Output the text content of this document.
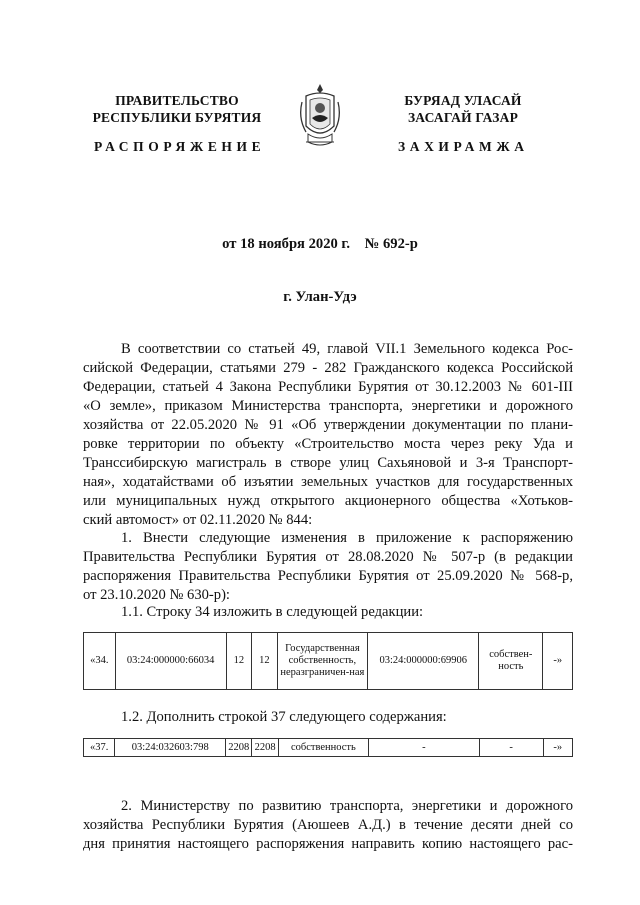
ПРАВИТЕЛЬСТВО
РЕСПУБЛИКИ БУРЯТИЯ
РАСПОРЯЖЕНИЕ
БУРЯАД УЛАСАЙ
ЗАСАГАЙ ГАЗАР
ЗАХИРАМЖА
от 18 ноября 2020 г.    № 692-р
г. Улан-Удэ
В соответствии со статьей 49, главой VII.1 Земельного кодекса Рос-
сийской Федерации, статьями 279 - 282 Гражданского кодекса Российской
Федерации, статьей 4 Закона Республики Бурятия от 30.12.2003 № 601-III
«О земле», приказом Министерства транспорта, энергетики и дорожного
хозяйства от 22.05.2020 № 91 «Об утверждении документации по плани-
ровке территории по объекту «Строительство моста через реку Уда и
Транссибирскую магистраль в створе улиц Сахьяновой и 3-я Транспорт-
ная», ходатайствами об изъятии земельных участков для государственных
или муниципальных нужд открытого акционерного общества «Хотьков-
ский автомост» от 02.11.2020 № 844:
1. Внести следующие изменения в приложение к распоряжению
Правительства Республики Бурятия от 28.08.2020 № 507-р (в редакции
распоряжения Правительства Республики Бурятия от 25.09.2020 № 568-р,
от 23.10.2020 № 630-р):
1.1. Строку 34 изложить в следующей редакции:
«34.	03:24:000000:66034	12	12	Государственная собственность, неразграничен-ная	03:24:000000:69906	собствен-ность	-»
1.2. Дополнить строкой 37 следующего содержания:
«37.	03:24:032603:798	2208	2208	собственность	-	-	-»
2. Министерству по развитию транспорта, энергетики и дорожного
хозяйства Республики Бурятия (Аюшеев А.Д.) в течение десяти дней со
дня принятия настоящего распоряжения направить копию настоящего рас-
